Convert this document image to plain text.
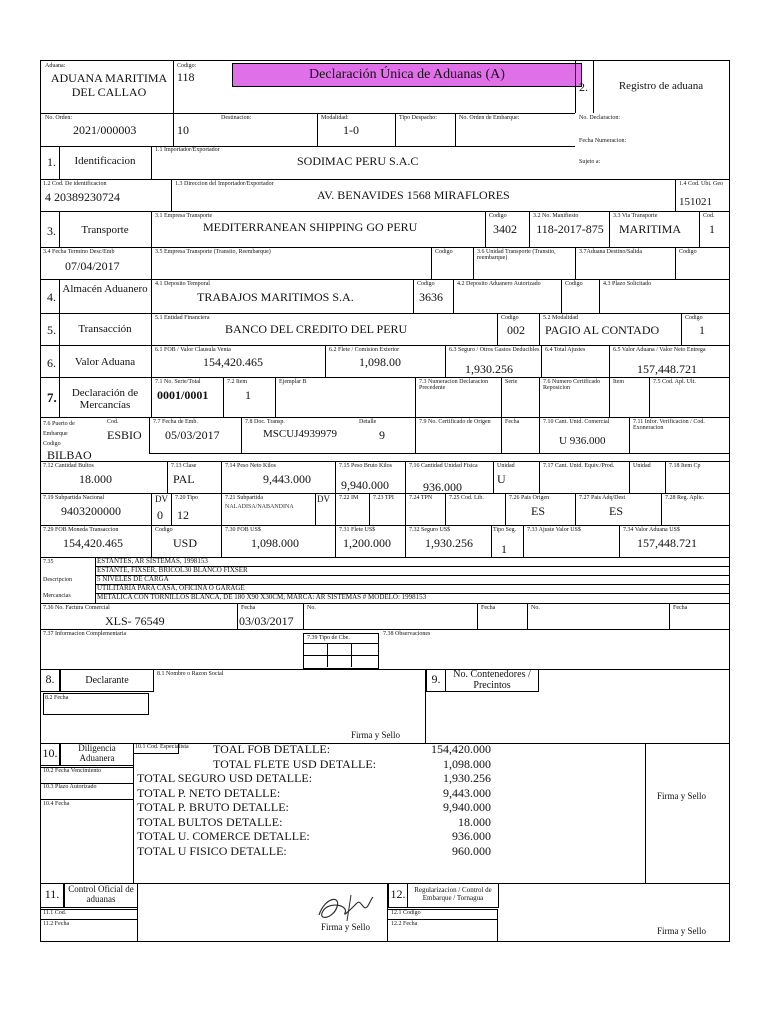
Aduana:
ADUANA MARITIMA DEL CALLAO
Codigo:
118	Declaración Única de Aduanas (A)
2.	Registro de aduana
No. Orden:
2021/000003
Destinacion:
10
Modalidad:
1-0
Tipo Despacho:	No. Orden de Embarque:	No. Declaracion:
Fecha Numeracion:
Sujeto a:
1.	Identificacion
1.1 Importador/Exportador
SODIMAC PERU S.A.C
1.2 Cod. De identificacion
4 20389230724
1.3 Direccion del Importador/Exportador
AV. BENAVIDES 1568 MIRAFLORES
1.4 Cod. Ubi. Geo
151021
3.	Transporte
3.1 Empresa Transporte
MEDITERRANEAN SHIPPING GO PERU
Codigo
3402
3.2 No. Manifiesto
118-2017-875
3.3 Via Transporte
MARITIMA
Cod.
1
3.4 Fecha Termino Desc/Emb
07/04/2017
3.5 Empresa Transporte (Transito, Reembarque)	Codigo	3.6 Unidad Transporte (Transito, reembarque)
3.7Aduana Destino/Salida	Codigo
4.
Almacén Aduanero	4.1 Deposito Temporal
TRABAJOS MARITIMOS S.A.
Codigo
3636
4.2 Deposito Aduanero Autorizado	Codigo	4.3 Plazo Solicitado
5.	Transacción
5.1 Entidad Financiera
BANCO DEL CREDITO DEL PERU
Codigo
002
5.2 Modalidad
PAGIO AL CONTADO
Codigo
1
6.	Valor Aduana
6.1 FOB / Valor Clausula Venta
154,420.465
6.2 Flete / Comision Exterior
1,098.00
6.3 Seguro / Otros Gastos Deducibles
1,930.256
6.4 Total Ajustes	6.5 Valor Aduana / Valor Neto Entrega
157,448.721
7.	Declaración de Mercancías
7.1 No. Serie/Total
0001/0001
7.2 Item
1
Ejemplar B	7.3 Numeracion Declaracion Precedente
Serie	7.6 Numero Certificado Reposicion
Item	7.5 Cod. Apl. Ult.
7.6 Puerto de Embarque
Cod.
ESBIO
Codigo
BILBAO
7.7 Fecha de Emb.
05/03/2017
7.8 Doc. Transp.
MSCUJ4939979
Detalle
9
7.9 No. Certificado de Origen	Fecha	7.10 Cant. Unid. Comercial
U 936.000
7.11 Infor. Verificacion / Cod. Exoneracion
7.12 Cantidad Bultos
18.000
7.13 Clase
PAL
7.14 Peso Neto Kilos
9,443.000
7.15 Peso Bruto Kilos
9,940.000
7.16 Cantidad Unidad Fisica
936.000
Unidad
U
7.17 Cant. Unid. Equiv./Prod.	Unidad	7.18 Item Cp
7.19 Subpartida Nacional
9403200000
DV
0
7.20 Tipo
12
7.21 Subpartida
NALADISA/NABANDINA
DV 7.22 IM	7.23 TPI	7.24 TPN	7.25 Cod. Lib.	7.26 Pais Origen
ES
7.27 Pais Adq/Dest
ES
7.28 Reg. Aplic.
7.29 FOB Moneda Transaccion
154,420.465
Codigo
USD
7.30 FOB US$
1,098.000
7.31 Flete US$
1,200.000
7.32 Seguro US$
1,930.256
Tipo Seg.
1
7.33 Ajuste Valor US$	7.34 Valor Aduana US$
157,448.721
7.35
Descripcion
Mercancias
ESTANTES, AR SISTEMAS, 1998153
ESTANTE, FIXSER, BRICOL30 BLANCO FIXSER
5 NIVELES DE CARGA
UTILITARIA PARA CASA, OFICINA O GARAGE
METALICA CON TORNILLOS BLANCA, DE 180 X90 X30CM, MARCA: AR SISTEMAS # MODELO: 1998153
7.36 No. Factura Comercial
XLS- 76549
Fecha
03/03/2017
No.	Fecha	No.	Fecha
7.37 Informacion Complementaria	7.38 Observaciones
7.39 Tipo de Cbe.
8.	Declarante
8.1 Nombre o Razon Social	9.	No. Contenedores / Precintos
8.2 Fecha
Firma y Sello
10.	Diligencia Aduanera
10.1 Cod. Especialista
10.2 Fecha Vencimiento
10.3 Plazo Autorizado
10.4 Fecha
TOAL FOB DETALLE:	154,420.000
TOTAL FLETE USD DETALLE:	1,098.000
TOTAL SEGURO USD DETALLE:	1,930.256
TOTAL P. NETO DETALLE:	9,443.000
TOTAL P. BRUTO DETALLE:	9,940.000
TOTAL BULTOS DETALLE:	18.000
TOTAL U. COMERCE DETALLE:	936.000
TOTAL U FISICO DETALLE:	960.000
Firma y Sello
11. Control Oficial de aduanas
11.1 Cod.
11.2 Fecha	Firma y Sello
12.	Regularizacion / Control de Embarque / Tornagua
12.1 Codigo
12.2 Fecha
Firma y Sello
